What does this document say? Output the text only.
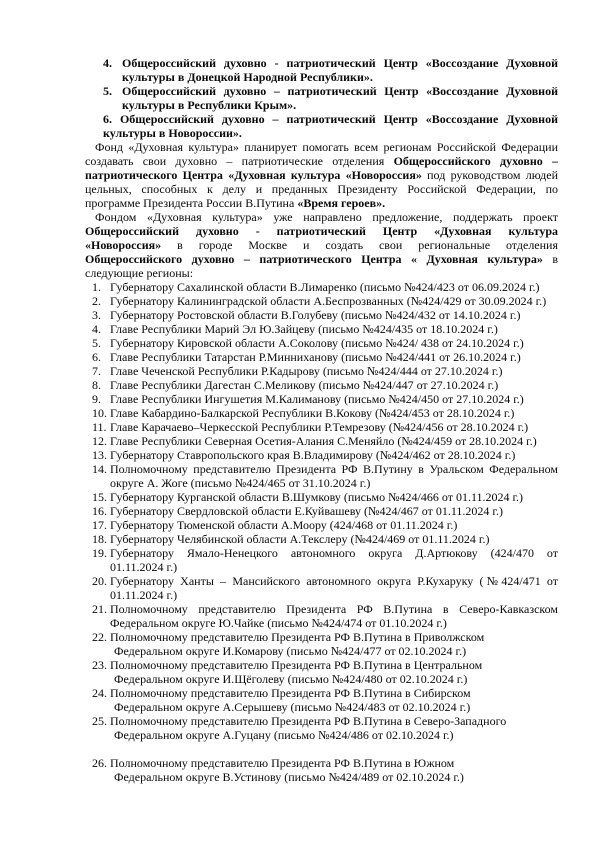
4. Общероссийский духовно - патриотический Центр «Воссоздание Духовной
культуры в Донецкой Народной Республики».
5. Общероссийский духовно – патриотический Центр «Воссоздание Духовной
культуры в Республики Крым».
6. Общероссийский духовно – патриотический Центр «Воссоздание Духовной
культуры в Новороссии».
Фонд «Духовная культура» планирует помогать всем регионам Российской Федерации
создавать свои духовно – патриотические отделения Общероссийского духовно –
патриотического Центра «Духовная культура «Новороссия» под руководством людей
цельных, способных к делу и преданных Президенту Российской Федерации, по
программе Президента России В.Путина «Время героев».
Фондом «Духовная культура» уже направлено предложение, поддержать проект
Общероссийский духовно - патриотический Центр «Духовная культура
«Новороссия» в городе Москве и создать свои региональные отделения
Общероссийского духовно – патриотического Центра « Духовная культура» в
следующие регионы:
1. Губернатору Сахалинской области В.Лимаренко (письмо №424/423 от 06.09.2024 г.)
2. Губернатору Калининградской области А.Беспрозванных (№424/429 от 30.09.2024 г.)
3. Губернатору Ростовской области В.Голубеву (письмо №424/432 от 14.10.2024 г.)
4. Главе Республики Марий Эл Ю.Зайцеву (письмо №424/435 от 18.10.2024 г.)
5. Губернатору Кировской области А.Соколову (письмо №424/ 438 от 24.10.2024 г.)
6. Главе Республики Татарстан Р.Минниханову (письмо №424/441 от 26.10.2024 г.)
7. Главе Чеченской Республики Р.Кадырову (письмо №424/444 от 27.10.2024 г.)
8. Главе Республики Дагестан С.Меликову (письмо №424/447 от 27.10.2024 г.)
9. Главе Республики Ингушетия М.Калиманову (письмо №424/450 от 27.10.2024 г.)
10. Главе Кабардино-Балкарской Республики В.Кокову (№424/453 от 28.10.2024 г.)
11. Главе Карачаево–Черкесской Республики Р.Темрезову (№424/456 от 28.10.2024 г.)
12. Главе Республики Северная Осетия-Алания С.Меняйло (№424/459 от 28.10.2024 г.)
13. Губернатору Ставропольского края В.Владимирову (№424/462 от 28.10.2024 г.)
14. Полномочному представителю Президента РФ В.Путину в Уральском Федеральном
округе А. Жоге (письмо №424/465 от 31.10.2024 г.)
15. Губернатору Курганской области В.Шумкову (письмо №424/466 от 01.11.2024 г.)
16. Губернатору Свердловской области Е.Куйвашеву (№424/467 от 01.11.2024 г.)
17. Губернатору Тюменской области А.Моору (424/468 от 01.11.2024 г.)
18. Губернатору Челябинской области А.Текслеру (№424/469 от 01.11.2024 г.)
19. Губернатору Ямало-Ненецкого автономного округа Д.Артюкову (424/470 от
01.11.2024 г.)
20. Губернатору Ханты – Мансийского автономного округа Р.Кухаруку (№424/471 от
01.11.2024 г.)
21. Полномочному представителю Президента РФ В.Путина в Северо-Кавказском
Федеральном округе Ю.Чайке (письмо №424/474 от 01.10.2024 г.)
22. Полномочному представителю Президента РФ В.Путина в Приволжском
Федеральном округе И.Комарову (письмо №424/477 от 02.10.2024 г.)
23. Полномочному представителю Президента РФ В.Путина в Центральном
Федеральном округе И.Щёголеву (письмо №424/480 от 02.10.2024 г.)
24. Полномочному представителю Президента РФ В.Путина в Сибирском
Федеральном округе А.Серышеву (письмо №424/483 от 02.10.2024 г.)
25. Полномочному представителю Президента РФ В.Путина в Северо-Западного
Федеральном округе А.Гуцану (письмо №424/486 от 02.10.2024 г.)
26. Полномочному представителю Президента РФ В.Путина в Южном
Федеральном округе В.Устинову (письмо №424/489 от 02.10.2024 г.)
